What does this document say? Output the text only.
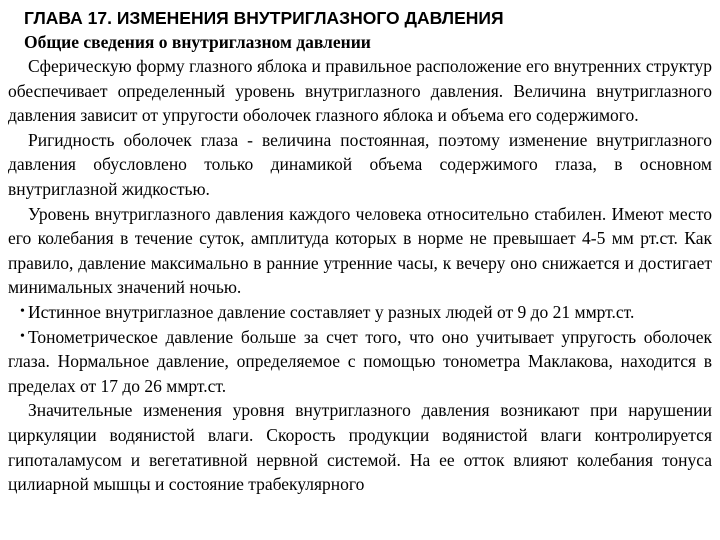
ГЛАВА 17. ИЗМЕНЕНИЯ ВНУТРИГЛАЗНОГО ДАВЛЕНИЯ
Общие сведения о внутриглазном давлении

Сферическую форму глазного яблока и правильное расположение его внутренних структур обеспечивает определенный уровень внутриглазного давления. Величина внутриглазного давления зависит от упругости оболочек глазного яблока и объема его содержимого.

Ригидность оболочек глаза - величина постоянная, поэтому изменение внутриглазного давления обусловлено только динамикой объема содержимого глаза, в основном внутриглазной жидкостью.

Уровень внутриглазного давления каждого человека относительно стабилен. Имеют место его колебания в течение суток, амплитуда которых в норме не превышает 4-5 мм рт.ст. Как правило, давление максимально в ранние утренние часы, к вечеру оно снижается и достигает минимальных значений ночью.

• Истинное внутриглазное давление составляет у разных людей от 9 до 21 ммрт.ст.

• Тонометрическое давление больше за счет того, что оно учитывает упругость оболочек глаза. Нормальное давление, определяемое с помощью тонометра Маклакова, находится в пределах от 17 до 26 ммрт.ст.

Значительные изменения уровня внутриглазного давления возникают при нарушении циркуляции водянистой влаги. Скорость продукции водянистой влаги контролируется гипоталамусом и вегетативной нервной системой. На ее отток влияют колебания тонуса цилиарной мышцы и состояние трабекулярного
